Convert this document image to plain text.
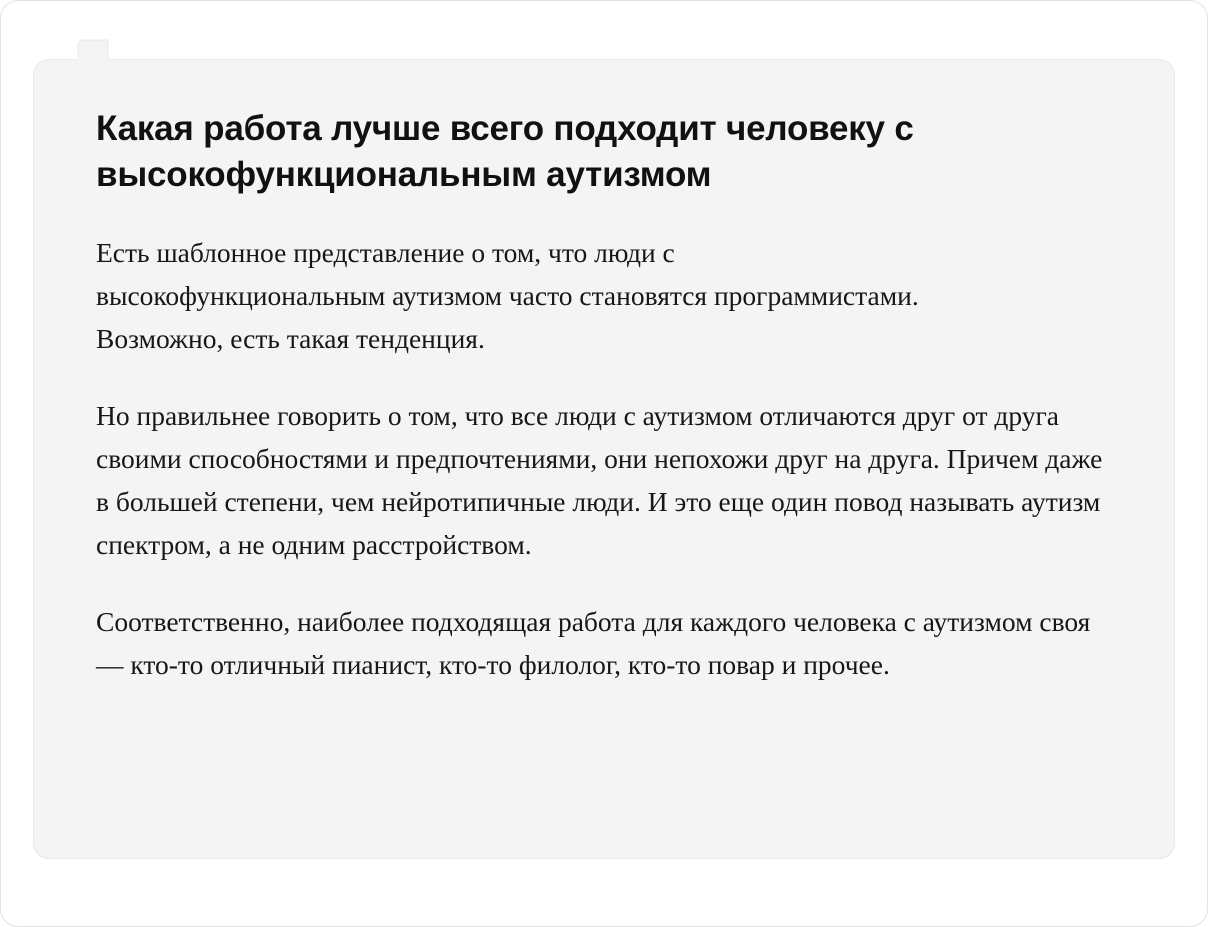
Какая работа лучше всего подходит человеку с высокофункциональным аутизмом

Есть шаблонное представление о том, что люди с высокофункциональным аутизмом часто становятся программистами. Возможно, есть такая тенденция.

Но правильнее говорить о том, что все люди с аутизмом отличаются друг от друга своими способностями и предпочтениями, они непохожи друг на друга. Причем даже в большей степени, чем нейротипичные люди. И это еще один повод называть аутизм спектром, а не одним расстройством.

Соответственно, наиболее подходящая работа для каждого человека с аутизмом своя — кто-то отличный пианист, кто-то филолог, кто-то повар и прочее.
